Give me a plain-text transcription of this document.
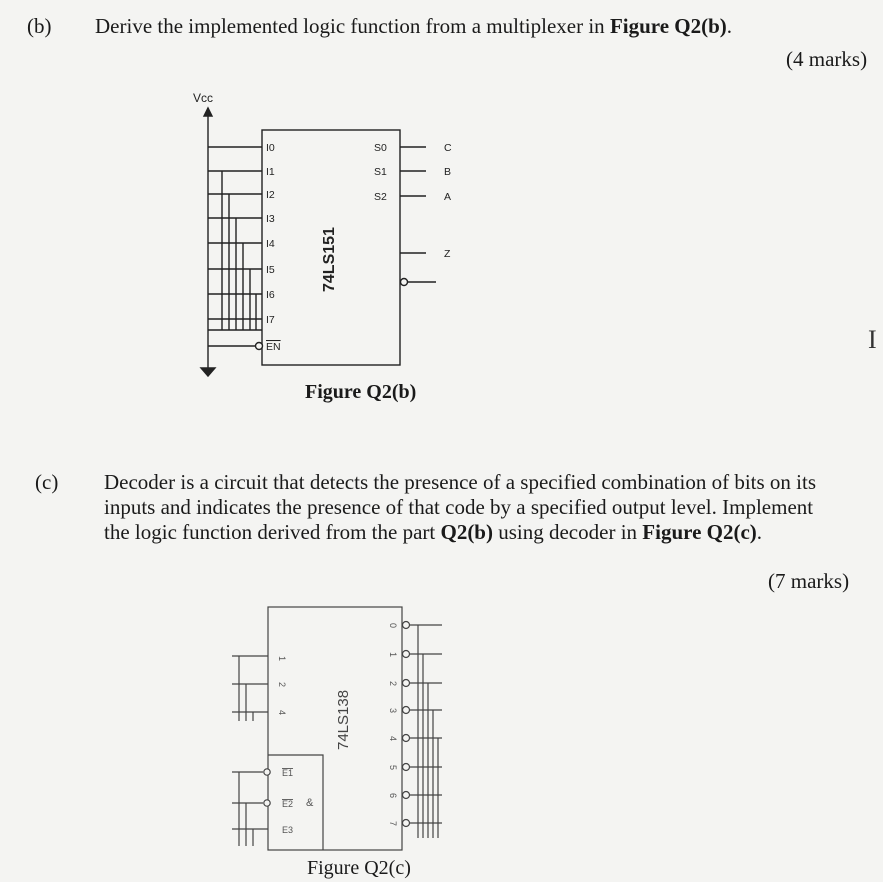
(b) Derive the implemented logic function from a multiplexer in Figure Q2(b).
(4 marks)
Vcc
I0
I1
I2
I3
I4
I5
I6
I7
EN
S0
S1
S2
C
B
A
Z
74LS151
Figure Q2(b)
I
(c) Decoder is a circuit that detects the presence of a specified combination of bits on its
inputs and indicates the presence of that code by a specified output level. Implement
the logic function derived from the part Q2(b) using decoder in Figure Q2(c).
(7 marks)
1
2
4
E1
E2
E3
&
0
1
2
3
4
5
6
7
74LS138
Figure Q2(c)
